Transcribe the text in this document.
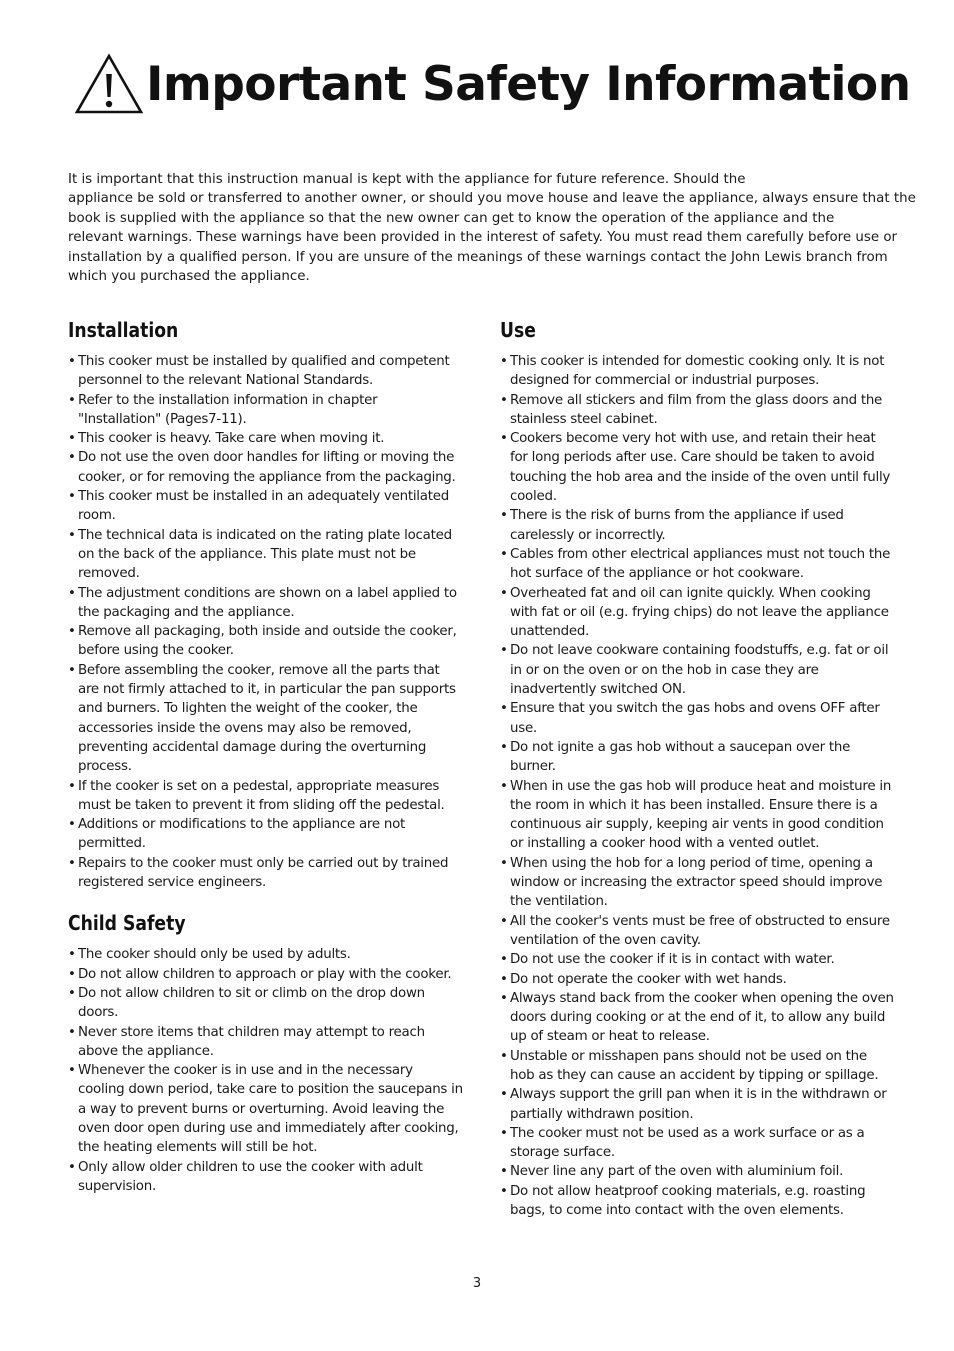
Important Safety Information
It is important that this instruction manual is kept with the appliance for future reference. Should the
appliance be sold or transferred to another owner, or should you move house and leave the appliance, always ensure that the
book is supplied with the appliance so that the new owner can get to know the operation of the appliance and the
relevant warnings. These warnings have been provided in the interest of safety. You must read them carefully before use or
installation by a qualified person. If you are unsure of the meanings of these warnings contact the John Lewis branch from
which you purchased the appliance.
Installation
• This cooker must be installed by qualified and competent personnel to the relevant National Standards.
• Refer to the installation information in chapter "Installation" (Pages7-11).
• This cooker is heavy. Take care when moving it.
• Do not use the oven door handles for lifting or moving the cooker, or for removing the appliance from the packaging.
• This cooker must be installed in an adequately ventilated room.
• The technical data is indicated on the rating plate located on the back of the appliance. This plate must not be removed.
• The adjustment conditions are shown on a label applied to the packaging and the appliance.
• Remove all packaging, both inside and outside the cooker, before using the cooker.
• Before assembling the cooker, remove all the parts that are not firmly attached to it, in particular the pan supports and burners. To lighten the weight of the cooker, the accessories inside the ovens may also be removed, preventing accidental damage during the overturning process.
• If the cooker is set on a pedestal, appropriate measures must be taken to prevent it from sliding off the pedestal.
• Additions or modifications to the appliance are not permitted.
• Repairs to the cooker must only be carried out by trained registered service engineers.
Child Safety
• The cooker should only be used by adults.
• Do not allow children to approach or play with the cooker.
• Do not allow children to sit or climb on the drop down doors.
• Never store items that children may attempt to reach above the appliance.
• Whenever the cooker is in use and in the necessary cooling down period, take care to position the saucepans in a way to prevent burns or overturning. Avoid leaving the oven door open during use and immediately after cooking, the heating elements will still be hot.
• Only allow older children to use the cooker with adult supervision.
Use
• This cooker is intended for domestic cooking only. It is not designed for commercial or industrial purposes.
• Remove all stickers and film from the glass doors and the stainless steel cabinet.
• Cookers become very hot with use, and retain their heat for long periods after use. Care should be taken to avoid touching the hob area and the inside of the oven until fully cooled.
• There is the risk of burns from the appliance if used carelessly or incorrectly.
• Cables from other electrical appliances must not touch the hot surface of the appliance or hot cookware.
• Overheated fat and oil can ignite quickly. When cooking with fat or oil (e.g. frying chips) do not leave the appliance unattended.
• Do not leave cookware containing foodstuffs, e.g. fat or oil in or on the oven or on the hob in case they are inadvertently switched ON.
• Ensure that you switch the gas hobs and ovens OFF after use.
• Do not ignite a gas hob without a saucepan over the burner.
• When in use the gas hob will produce heat and moisture in the room in which it has been installed. Ensure there is a continuous air supply, keeping air vents in good condition or installing a cooker hood with a vented outlet.
• When using the hob for a long period of time, opening a window or increasing the extractor speed should improve the ventilation.
• All the cooker's vents must be free of obstructed to ensure ventilation of the oven cavity.
• Do not use the cooker if it is in contact with water.
• Do not operate the cooker with wet hands.
• Always stand back from the cooker when opening the oven doors during cooking or at the end of it, to allow any build up of steam or heat to release.
• Unstable or misshapen pans should not be used on the hob as they can cause an accident by tipping or spillage.
• Always support the grill pan when it is in the withdrawn or partially withdrawn position.
• The cooker must not be used as a work surface or as a storage surface.
• Never line any part of the oven with aluminium foil.
• Do not allow heatproof cooking materials, e.g. roasting bags, to come into contact with the oven elements.
3
